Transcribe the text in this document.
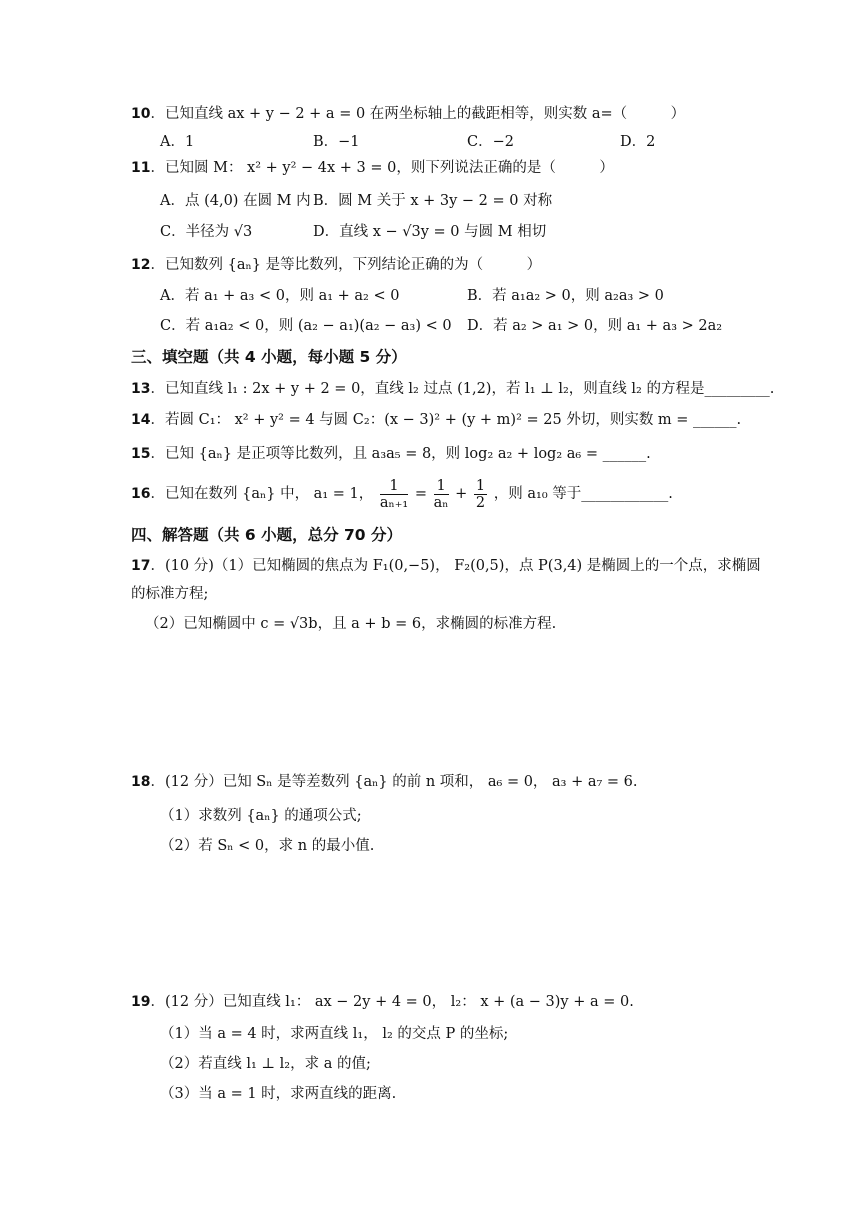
10．已知直线 ax + y − 2 + a = 0 在两坐标轴上的截距相等，则实数 a=（　　　）
A．1	B．−1	C．−2	D．2
11．已知圆 M： x² + y² − 4x + 3 = 0，则下列说法正确的是（　　　）
A．点 (4,0) 在圆 M 内 B．圆 M 关于 x + 3y − 2 = 0 对称
C．半径为 √3	D．直线 x − √3y = 0 与圆 M 相切
12．已知数列 {aₙ} 是等比数列，下列结论正确的为（　　　）
A．若 a₁ + a₃ < 0，则 a₁ + a₂ < 0	B．若 a₁a₂ > 0，则 a₂a₃ > 0
C．若 a₁a₂ < 0，则 (a₂ − a₁)(a₂ − a₃) < 0 D．若 a₂ > a₁ > 0，则 a₁ + a₃ > 2a₂
三、填空题（共 4 小题，每小题 5 分）
13．已知直线 l₁ : 2x + y + 2 = 0，直线 l₂ 过点 (1,2)，若 l₁ ⊥ l₂，则直线 l₂ 的方程是_________.
14．若圆 C₁： x² + y² = 4 与圆 C₂：(x − 3)² + (y + m)² = 25 外切，则实数 m = ______.
15．已知 {aₙ} 是正项等比数列，且 a₃a₅ = 8，则 log₂ a₂ + log₂ a₆ = ______.
16．已知在数列 {aₙ} 中， a₁ = 1， $\frac{1}{\text{aₙ₊₁}} = \frac{1}{\text{aₙ}} + \frac{1}{2}$ ，则 a₁₀ 等于____________.
四、解答题（共 6 小题，总分 70 分）
17．(10 分)（1）已知椭圆的焦点为 F₁(0,−5)， F₂(0,5)，点 P(3,4) 是椭圆上的一个点，求椭圆
的标准方程;
（2）已知椭圆中 c = √3b，且 a + b = 6，求椭圆的标准方程.
18．(12 分）已知 Sₙ 是等差数列 {aₙ} 的前 n 项和， a₆ = 0， a₃ + a₇ = 6.
（1）求数列 {aₙ} 的通项公式;
（2）若 Sₙ < 0，求 n 的最小值.
19．(12 分）已知直线 l₁： ax − 2y + 4 = 0， l₂： x + (a − 3)y + a = 0.
（1）当 a = 4 时，求两直线 l₁， l₂ 的交点 P 的坐标;
（2）若直线 l₁ ⊥ l₂，求 a 的值;
（3）当 a = 1 时，求两直线的距离.
